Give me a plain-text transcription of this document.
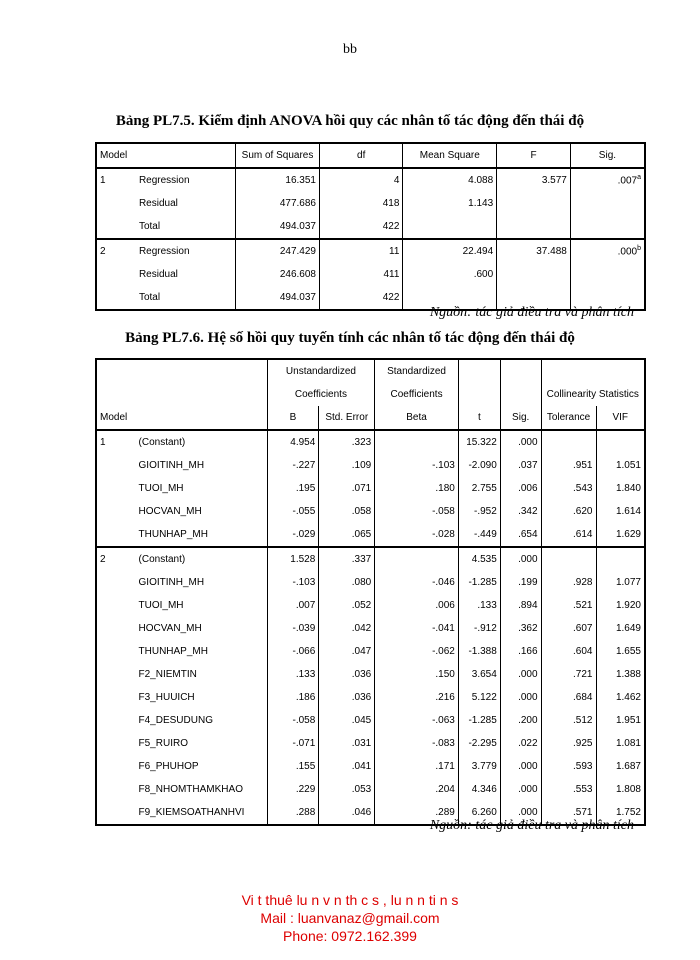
bb
Bảng PL7.5. Kiểm định ANOVA hồi quy các nhân tố tác động đến thái độ
Model		Sum of Squares	df	Mean Square	F	Sig.
1	Regression	16.351	4	4.088	3.577	.007$^a$
	Residual	477.686	418	1.143		
	Total	494.037	422			
2	Regression	247.429	11	22.494	37.488	.000$^b$
	Residual	246.608	411	.600		
	Total	494.037	422			
Nguồn: tác giả điều tra và phân tích
Bảng PL7.6. Hệ số hồi quy tuyến tính các nhân tố tác động đến thái độ
		Unstandardized		Standardized				
		Coefficients		Coefficients			Collinearity Statistics	
Model		B	Std. Error	Beta	t	Sig.	Tolerance	VIF
1	(Constant)	4.954	.323		15.322	.000		
	GIOITINH_MH	-.227	.109	-.103	-2.090	.037	.951	1.051
	TUOI_MH	.195	.071	.180	2.755	.006	.543	1.840
	HOCVAN_MH	-.055	.058	-.058	-.952	.342	.620	1.614
	THUNHAP_MH	-.029	.065	-.028	-.449	.654	.614	1.629
2	(Constant)	1.528	.337		4.535	.000		
	GIOITINH_MH	-.103	.080	-.046	-1.285	.199	.928	1.077
	TUOI_MH	.007	.052	.006	.133	.894	.521	1.920
	HOCVAN_MH	-.039	.042	-.041	-.912	.362	.607	1.649
	THUNHAP_MH	-.066	.047	-.062	-1.388	.166	.604	1.655
	F2_NIEMTIN	.133	.036	.150	3.654	.000	.721	1.388
	F3_HUUICH	.186	.036	.216	5.122	.000	.684	1.462
	F4_DESUDUNG	-.058	.045	-.063	-1.285	.200	.512	1.951
	F5_RUIRO	-.071	.031	-.083	-2.295	.022	.925	1.081
	F6_PHUHOP	.155	.041	.171	3.779	.000	.593	1.687
	F8_NHOMTHAMKHAO	.229	.053	.204	4.346	.000	.553	1.808
	F9_KIEMSOATHANHVI	.288	.046	.289	6.260	.000	.571	1.752
Nguồn: tác giả điều tra và phân tích
Vi t thuê lu n v n th c s , lu n n ti n s
Mail : luanvanaz@gmail.com
Phone: 0972.162.399
